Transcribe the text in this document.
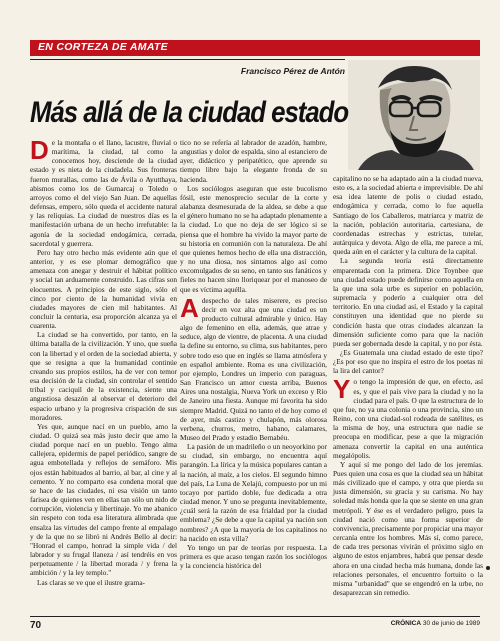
EN CORTEZA DE AMATE
Francisco Pérez de Antón
Más allá de la ciudad estado

De la montaña o el llano, lacustre, fluvial o marítima, la ciudad, tal como la conocemos hoy, desciende de la ciudad estado y es nieta de la ciudadela. Sus fronteras fueron murallas, como las de Ávila o Ayutthaya, abismos como los de Gumarcaj o Toledo o arroyos como el del viejo San Juan. De aquellas defensas, empero, sólo queda el accidente natural y las reliquias. La ciudad de nuestros días es la manifestación urbana de un hecho irrefutable: la agonía de la sociedad endogámica, cerrada, sacerdotal y guerrera.

Pero hay otro hecho más evidente aún que el anterior, y es ese plomar demográfico que amenaza con anegar y destruir el hábitat político y social tan arduamente construido. Las cifras son elocuentes. A principios de este siglo, sólo el cinco por ciento de la humanidad vivía en ciudades mayores de cien mil habitantes. Al concluir la centuria, esa proporción alcanza ya el cuarenta.

La ciudad se ha convertido, por tanto, en la última batalla de la civilización. Y uno, que sueña con la libertad y el orden de la sociedad abierta, y que se resigna a que la humanidad continúe creando sus propios estilos, ha de ver con temor esa decisión de la ciudad, sin controlar el sentido tribal y caciquil de la existencia, siente una angustiosa desazón al observar el deterioro del espacio urbano y la progresiva crispación de sus moradores.

Yes que, aunque nací en un pueblo, amo la ciudad. O quizá sea más justo decir que amo la ciudad porque nací en un pueblo. Tengo alma callejera, epidermis de papel periódico, sangre de agua embotellada y reflejos de semáforo. Mis ojos están habituados al barrio, al bar, al cine y al cemento. Y no comparto esa condena moral que se hace de las ciudades, ni esa visión un tanto farisea de quienes ven en ellas tan sólo un nido de corrupción, violencia y libertinaje. Yo me abanico sin respeto con toda esa literatura alimbrada que ensalza las virtudes del campo frente al empalago y de la que no se libró ni Andrés Bello al decir: "Honrad el campo, honrad la simple vida / del labrador y su frugal llaneza / así tendréis en vos perpetuamente / la libertad morada / y frena la ambición / y la ley templo."

Las claras se ve que el ilustre grama-

tico no se refería al labrador de azadón, hambre, angustias y dolor de espalda, sino al estanciero de ayer, didáctico y peripatético, que aprende su tiempo libre bajo la elegante fronda de su hacienda.

Los sociólogos aseguran que este bucolismo fósil, este menosprecio secular de la corte y alabanza desmesurada de la aldea, se debe a que el género humano no se ha adaptado plenamente a la ciudad. Lo que no deja de ser lógico si se piensa que el hombre ha vivido la mayor parte de su historia en comunión con la naturaleza. De ahí que quienes hemos hecho de ella una distracción, y no una diosa, nos sintamos algo así como excomulgados de su seno, en tanto sus fanáticos y fieles no hacen sino lloriquear por el manoseo de que es víctima aquélla.

Adespecho de tales miserere, es preciso decir en voz alta que una ciudad es un producto cultural admirable y único. Hay algo de femenino en ella, además, que atrae y seduce, algo de vientre, de placenta. A una ciudad la define su entorno, su clima, sus habitantes, pero sobre todo eso que en inglés se llama atmósfera y en español ambiente. Roma es una civilización, por ejemplo, Londres un imperio con paraguas, San Francisco un amor cuesta arriba, Buenos Aires una nostalgia, Nueva York un exceso y Río de Janeiro una fiesta. Aunque mi favorita ha sido siempre Madrid. Quizá no tanto el de hoy como el de ayer, más castizo y chulapón, más olorosa verbena, churros, metro, habano, calamares, Museo del Prado y estadio Bernabéu.

La pasión de un madrileño o un neoyorkino por su ciudad, sin embargo, no encuentra aquí parangón. La lírica y la música populares cantan a la nación, al maíz, a los cielos. El segundo himno del país, La Luna de Xelajú, compuesto por un mi tocayo por partido doble, fue dedicada a otra ciudad menor. Y uno se pregunta inevitablemente, ¿cuál será la razón de esa frialdad por la ciudad emblema? ¿Se debe a que la capital ya nación son nombres? ¿A que la mayoría de los capitalinos no ha nacido en esta villa?

Yo tengo un par de teorías por respuesta. La primera es que acaso tengan razón los sociólogos y la conciencia histórica del

capitalino no se ha adaptado aún a la ciudad nueva, esto es, a la sociedad abierta e imprevisible. De ahí esa idea latente de polis o ciudad estado, endogámica y cerrada, como lo fue aquella Santiago de los Caballeros, matriarca y matriz de la nación, población autoritaria, cartesiana, de coordenadas estrechas y estrictas, tutelar, autárquica y devota. Algo de ella, me parece a mí, queda aún en el carácter y la cultura de la capital.

La segunda teoría está directamente emparentada con la primera. Dice Toynbee que una ciudad estado puede definirse como aquella en la que una sola urbe es superior en población, supremacía y poderío a cualquier otra del territorio. En una ciudad así, el Estado y la capital constituyen una identidad que no pierde su condición hasta que otras ciudades alcanzan la dimensión suficiente como para que la nación pueda ser gobernada desde la capital, y no por ésta.

¿Es Guatemala una ciudad estado de este tipo? ¿Es por eso que no inspira el estro de los poetas ni la lira del cantor?

Yo tengo la impresión de que, en efecto, así es, y que el país vive para la ciudad y no la ciudad para el país. O que la estructura de lo que fue, no ya una colonia o una provincia, sino un Reino, con una ciudad-sol rodeada de satélites, es la misma de hoy, una estructura que nadie se preocupa en modificar, pese a que la migración amenaza convertir la capital en una auténtica megalópolis.

Y aquí sí me pongo del lado de los jeremías. Pues quien una cosa es que la ciudad sea un hábitat más civilizado que el campo, y otra que pierda su justa dimensión, su gracia y su carisma. No hay soledad más honda que la que se siente en una gran metrópoli. Y ése es el verdadero peligro, pues la ciudad nació como una forma superior de convivencia, precisamente por propiciar una mayor cercanía entre los hombres. Más sí, como parece, de cada tres personas vivirán el próximo siglo en alguno de estos enjambres, habrá que pensar desde ahora en una ciudad hecha más humana, donde las relaciones personales, el encuentro fortuito o la misma "urbanidad" que se engendró en la urbe, no desaparezcan sin remedio.

70	CRÓNICA 30 de junio de 1989
